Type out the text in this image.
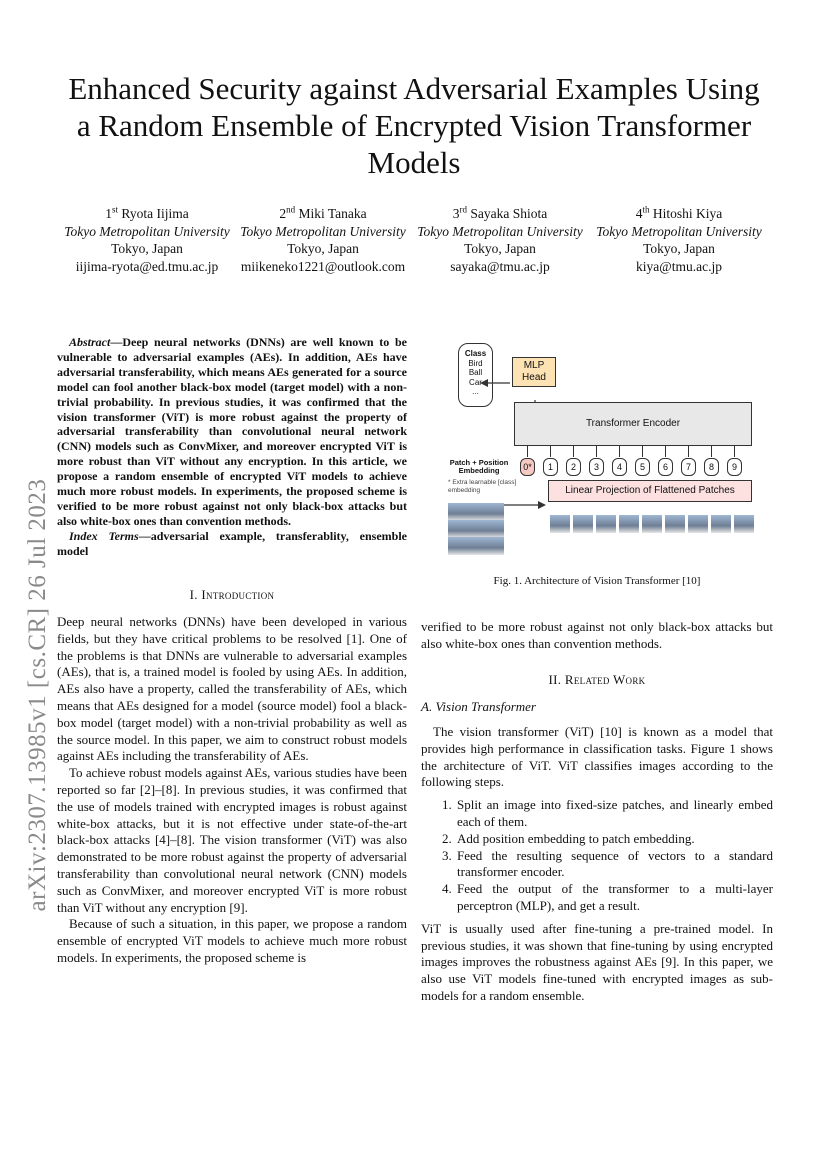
arXiv:2307.13985v1 [cs.CR] 26 Jul 2023
Enhanced Security against Adversarial Examples Using a Random Ensemble of Encrypted Vision Transformer Models
1st Ryota Iijima
Tokyo Metropolitan University
Tokyo, Japan
iijima-ryota@ed.tmu.ac.jp
2nd Miki Tanaka
Tokyo Metropolitan University
Tokyo, Japan
miikeneko1221@outlook.com
3rd Sayaka Shiota
Tokyo Metropolitan University
Tokyo, Japan
sayaka@tmu.ac.jp
4th Hitoshi Kiya
Tokyo Metropolitan University
Tokyo, Japan
kiya@tmu.ac.jp

Abstract—Deep neural networks (DNNs) are well known to be vulnerable to adversarial examples (AEs). In addition, AEs have adversarial transferability, which means AEs generated for a source model can fool another black-box model (target model) with a non-trivial probability. In previous studies, it was confirmed that the vision transformer (ViT) is more robust against the property of adversarial transferability than convolutional neural network (CNN) models such as ConvMixer, and moreover encrypted ViT is more robust than ViT without any encryption. In this article, we propose a random ensemble of encrypted ViT models to achieve much more robust models. In experiments, the proposed scheme is verified to be more robust against not only black-box attacks but also white-box ones than convention methods.

Index Terms—adversarial example, transferablity, ensemble model

I. Introduction

Deep neural networks (DNNs) have been developed in various fields, but they have critical problems to be resolved [1]. One of the problems is that DNNs are vulnerable to adversarial examples (AEs), that is, a trained model is fooled by using AEs. In addition, AEs also have a property, called the transferability of AEs, which means that AEs designed for a model (source model) fool a black-box model (target model) with a non-trivial probability as well as the source model. In this paper, we aim to construct robust models against AEs including the transferability of AEs.

To achieve robust models against AEs, various studies have been reported so far [2]–[8]. In previous studies, it was confirmed that the use of models trained with encrypted images is robust against white-box attacks, but it is not effective under state-of-the-art black-box attacks [4]–[8]. The vision transformer (ViT) was also demonstrated to be more robust against the property of adversarial transferability than convolutional neural network (CNN) models such as ConvMixer, and moreover encrypted ViT is more robust than ViT without any encryption [9].

Because of such a situation, in this paper, we propose a random ensemble of encrypted ViT models to achieve much more robust models. In experiments, the proposed scheme is

Class
Bird
Ball
Car
...
MLP Head
Transformer Encoder
Patch + Position Embedding
* Extra learnable [class] embedding
0*	1	2	3	4	5	6	7	8	9
Linear Projection of Flattened Patches
Fig. 1. Architecture of Vision Transformer [10]

verified to be more robust against not only black-box attacks but also white-box ones than convention methods.

II. Related Work
A. Vision Transformer

The vision transformer (ViT) [10] is known as a model that provides high performance in classification tasks. Figure 1 shows the architecture of ViT. ViT classifies images according to the following steps.

1. Split an image into fixed-size patches, and linearly embed each of them.
2. Add position embedding to patch embedding.
3. Feed the resulting sequence of vectors to a standard transformer encoder.
4. Feed the output of the transformer to a multi-layer perceptron (MLP), and get a result.

ViT is usually used after fine-tuning a pre-trained model. In previous studies, it was shown that fine-tuning by using encrypted images improves the robustness against AEs [9]. In this paper, we also use ViT models fine-tuned with encrypted images as sub-models for a random ensemble.
